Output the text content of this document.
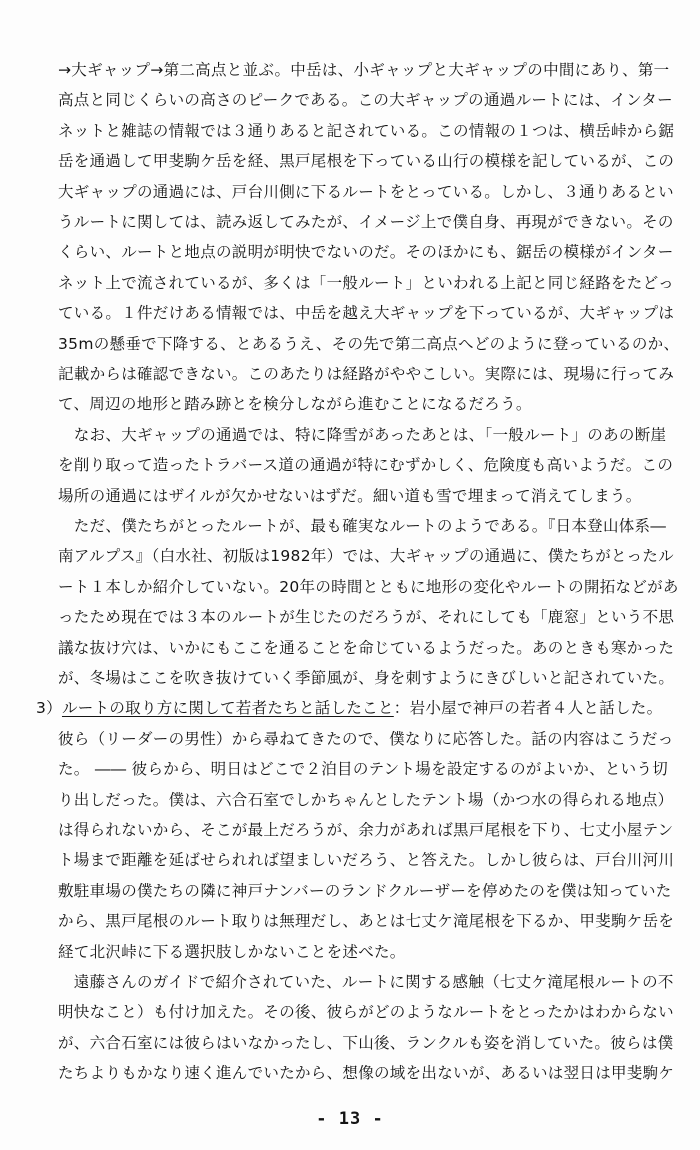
→大ギャップ→第二高点と並ぶ。中岳は、小ギャップと大ギャップの中間にあり、第一
高点と同じくらいの高さのピークである。この大ギャップの通過ルートには、インター
ネットと雑誌の情報では３通りあると記されている。この情報の１つは、横岳峠から鋸
岳を通過して甲斐駒ケ岳を経、黒戸尾根を下っている山行の模様を記しているが、この
大ギャップの通過には、戸台川側に下るルートをとっている。しかし、３通りあるとい
うルートに関しては、読み返してみたが、イメージ上で僕自身、再現ができない。その
くらい、ルートと地点の説明が明快でないのだ。そのほかにも、鋸岳の模様がインター
ネット上で流されているが、多くは「一般ルート」といわれる上記と同じ経路をたどっ
ている。１件だけある情報では、中岳を越え大ギャップを下っているが、大ギャップは
35mの懸垂で下降する、とあるうえ、その先で第二高点へどのように登っているのか、
記載からは確認できない。このあたりは経路がややこしい。実際には、現場に行ってみ
て、周辺の地形と踏み跡とを検分しながら進むことになるだろう。
　なお、大ギャップの通過では、特に降雪があったあとは、「一般ルート」のあの断崖
を削り取って造ったトラバース道の通過が特にむずかしく、危険度も高いようだ。この
場所の通過にはザイルが欠かせないはずだ。細い道も雪で埋まって消えてしまう。
　ただ、僕たちがとったルートが、最も確実なルートのようである。『日本登山体系―
南アルプス』（白水社、初版は1982年）では、大ギャップの通過に、僕たちがとったル
ート１本しか紹介していない。20年の時間とともに地形の変化やルートの開拓などがあ
ったため現在では３本のルートが生じたのだろうが、それにしても「鹿窓」という不思
議な抜け穴は、いかにもここを通ることを命じているようだった。あのときも寒かった
が、冬場はここを吹き抜けていく季節風が、身を刺すようにきびしいと記されていた。
3）ルートの取り方に関して若者たちと話したこと：岩小屋で神戸の若者４人と話した。
彼ら（リーダーの男性）から尋ねてきたので、僕なりに応答した。話の内容はこうだっ
た。 ―― 彼らから、明日はどこで２泊目のテント場を設定するのがよいか、という切
り出しだった。僕は、六合石室でしかちゃんとしたテント場（かつ水の得られる地点）
は得られないから、そこが最上だろうが、余力があれば黒戸尾根を下り、七丈小屋テン
ト場まで距離を延ばせられれば望ましいだろう、と答えた。しかし彼らは、戸台川河川
敷駐車場の僕たちの隣に神戸ナンバーのランドクルーザーを停めたのを僕は知っていた
から、黒戸尾根のルート取りは無理だし、あとは七丈ケ滝尾根を下るか、甲斐駒ケ岳を
経て北沢峠に下る選択肢しかないことを述べた。
　遠藤さんのガイドで紹介されていた、ルートに関する感触（七丈ケ滝尾根ルートの不
明快なこと）も付け加えた。その後、彼らがどのようなルートをとったかはわからない
が、六合石室には彼らはいなかったし、下山後、ランクルも姿を消していた。彼らは僕
たちよりもかなり速く進んでいたから、想像の域を出ないが、あるいは翌日は甲斐駒ケ
- 13 -
